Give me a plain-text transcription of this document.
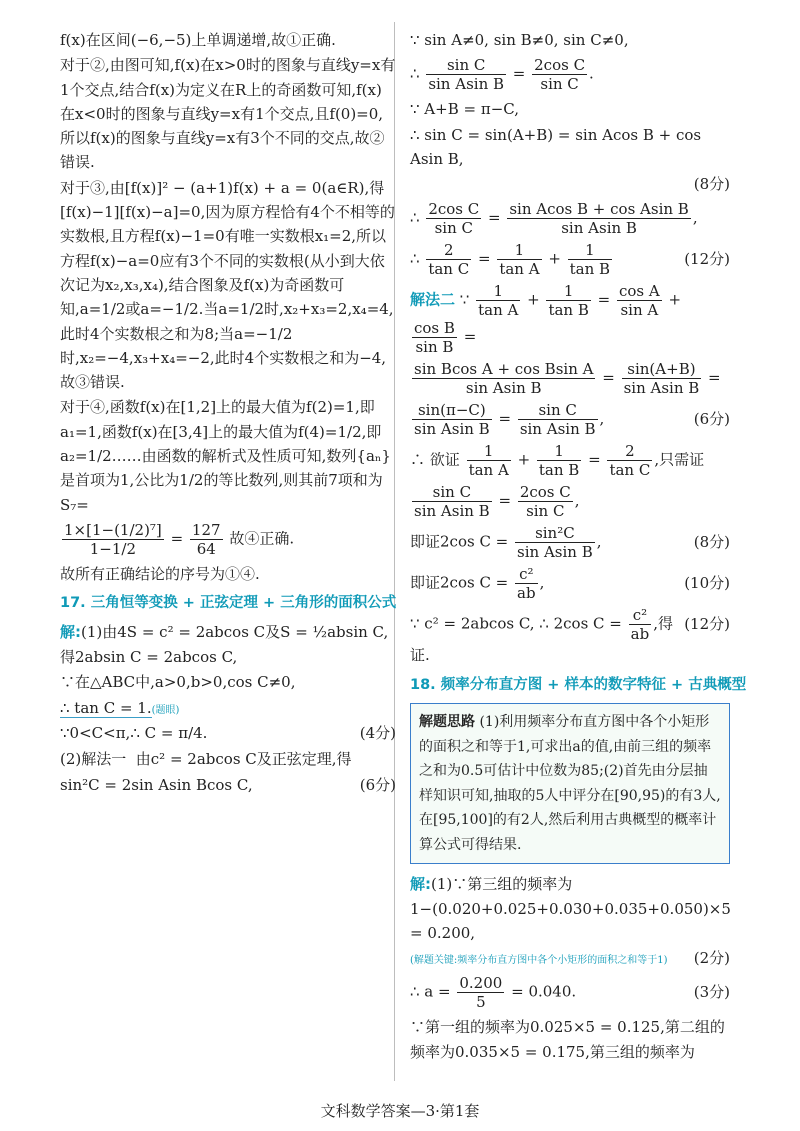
f(x)在区间(−6,−5)上单调递增,故①正确.

对于②,由图可知,f(x)在x>0时的图象与直线y=x有1个交点,结合f(x)为定义在R上的奇函数可知,f(x)在x<0时的图象与直线y=x有1个交点,且f(0)=0,所以f(x)的图象与直线y=x有3个不同的交点,故②错误.

对于③,由[f(x)]² − (a+1)f(x) + a = 0(a∈R),得[f(x)−1][f(x)−a]=0,因为原方程恰有4个不相等的实数根,且方程f(x)−1=0有唯一实数根x₁=2,所以方程f(x)−a=0应有3个不同的实数根(从小到大依次记为x₂,x₃,x₄),结合图象及f(x)为奇函数可知,a=1/2或a=−1/2.当a=1/2时,x₂+x₃=2,x₄=4,此时4个实数根之和为8;当a=−1/2时,x₂=−4,x₃+x₄=−2,此时4个实数根之和为−4,故③错误.

对于④,函数f(x)在[1,2]上的最大值为f(2)=1,即a₁=1,函数f(x)在[3,4]上的最大值为f(4)=1/2,即a₂=1/2……由函数的解析式及性质可知,数列{aₙ}是首项为1,公比为1/2的等比数列,则其前7项和为S₇=

$\frac{\text{1×[1−(1/2)⁷]}}{1-1/2} = \frac{127}{64}$ 故④正确.

故所有正确结论的序号为①④.

17. 三角恒等变换 + 正弦定理 + 三角形的面积公式

解:(1)由4S = c² = 2abcos C及S = ½absin C,

得2absin C = 2abcos C,

∵在△ABC中,a>0,b>0,cos C≠0,

∴ tan C = 1.(题眼)

∵0<C<π,∴ C = π/4.	(4分)

(2)解法一  由c² = 2abcos C及正弦定理,得

sin²C = 2sin Asin Bcos C,	(6分)

∵ sin A≠0, sin B≠0, sin C≠0,

∴ $\frac{\text{sin C}}{\text{sin Asin B}} = \frac{\text{2cos C}}{\text{sin C}}$ .

∵ A+B = π−C,

∴ sin C = sin(A+B) = sin Acos B + cos Asin B,

(8分)
∴ $\frac{\text{2cos C}}{\text{sin C}} = \frac{\text{sin Acos B + cos Asin B}}{\text{sin Asin B}}$ ,
∴ $\frac{2}{\text{tan C}} = \frac{1}{\text{tan A}} + \frac{1}{\text{tan B}}$	(12分)
解法二 ∵ $\frac{1}{\text{tan A}} + \frac{1}{\text{tan B}} = \frac{\text{cos A}}{\text{sin A}}$ +
$\frac{\text{cos B}}{\text{sin B}}$ =
$\frac{\text{sin Bcos A + cos Bsin A}}{\text{sin Asin B}} = \frac{\sin(A+B)}{\text{sin Asin B}}$ =
$\frac{\sin(\pi-C)}{\text{sin Asin B}} = \frac{\text{sin C}}{\text{sin Asin B}}$ ,	(6分)
∴ 欲证 $\frac{1}{\text{tan A}} + \frac{1}{\text{tan B}} = \frac{2}{\text{tan C}}$ ,只需证
$\frac{\text{sin C}}{\text{sin Asin B}} = \frac{\text{2cos C}}{\text{sin C}}$ ,
即证2cos $C = \frac{\text{sin²C}}{\text{sin Asin B}}$ ,	(8分)
即证2cos $C = \frac{\text{c²}}{ab}$ ,	(10分)
∵ c² = 2abcos C, ∴ 2cos $C = \frac{\text{c²}}{ab}$ ,得证.
(12分)
18. 频率分布直方图 + 样本的数字特征 + 古典概型
解题思路 (1)利用频率分布直方图中各个小矩形的面积之和等于1,可求出a的值,由前三组的频率之和为0.5可估计中位数为85;(2)首先由分层抽样知识可知,抽取的5人中评分在[90,95)的有3人,在[95,100]的有2人,然后利用古典概型的概率计算公式可得结果.

解:(1)∵第三组的频率为1−(0.020+0.025+0.030+0.035+0.050)×5 = 0.200,

(解题关键:频率分布直方图中各个小矩形的面积之和等于1)	(2分)
∴ $a = \frac{0.200}{5} = 0.040$.	(3分)

∵第一组的频率为0.025×5 = 0.125,第二组的频率为0.035×5 = 0.175,第三组的频率为

文科数学答案—3·第1套
